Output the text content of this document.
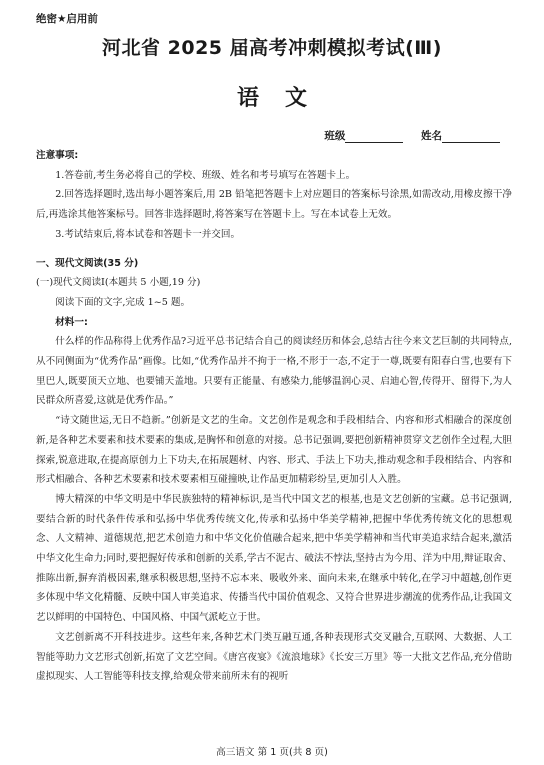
绝密★启用前
河北省 2025 届高考冲刺模拟考试(Ⅲ)
语文
班级	姓名
注意事项:

1.答卷前,考生务必将自己的学校、班级、姓名和考号填写在答题卡上。

2.回答选择题时,选出每小题答案后,用 2B 铅笔把答题卡上对应题目的答案标号涂黑,如需改动,用橡皮擦干净后,再选涂其他答案标号。回答非选择题时,将答案写在答题卡上。写在本试卷上无效。

3.考试结束后,将本试卷和答题卡一并交回。

一、现代文阅读(35 分)
(一)现代文阅读Ⅰ(本题共 5 小题,19 分)

阅读下面的文字,完成 1~5 题。

材料一:

什么样的作品称得上优秀作品?习近平总书记结合自己的阅读经历和体会,总结古往今来文艺巨制的共同特点,从不同侧面为“优秀作品”画像。比如,“优秀作品并不拘于一格,不形于一态,不定于一尊,既要有阳春白雪,也要有下里巴人,既要顶天立地、也要铺天盖地。只要有正能量、有感染力,能够温润心灵、启迪心智,传得开、留得下,为人民群众所喜爱,这就是优秀作品。”

“诗文随世运,无日不趋新。”创新是文艺的生命。文艺创作是观念和手段相结合、内容和形式相融合的深度创新,是各种艺术要素和技术要素的集成,是胸怀和创意的对接。总书记强调,要把创新精神贯穿文艺创作全过程,大胆探索,锐意进取,在提高原创力上下功夫,在拓展题材、内容、形式、手法上下功夫,推动观念和手段相结合、内容和形式相融合、各种艺术要素和技术要素相互碰撞映,让作品更加精彩纷呈,更加引人入胜。

博大精深的中华文明是中华民族独特的精神标识,是当代中国文艺的根基,也是文艺创新的宝藏。总书记强调,要结合新的时代条件传承和弘扬中华优秀传统文化,传承和弘扬中华美学精神,把握中华优秀传统文化的思想观念、人文精神、道德规范,把艺术创造力和中华文化价值融合起来,把中华美学精神和当代审美追求结合起来,激活中华文化生命力;同时,要把握好传承和创新的关系,学古不泥古、破法不悖法,坚持古为今用、洋为中用,辩证取舍、推陈出新,摒弃消极因素,继承积极思想,坚持不忘本来、吸收外来、面向未来,在继承中转化,在学习中超越,创作更多体现中华文化精髓、反映中国人审美追求、传播当代中国价值观念、又符合世界进步潮流的优秀作品,让我国文艺以鲜明的中国特色、中国风格、中国气派屹立于世。

文艺创新离不开科技进步。这些年来,各种艺术门类互融互通,各种表现形式交叉融合,互联网、大数据、人工智能等助力文艺形式创新,拓宽了文艺空间。《唐宫夜宴》《流浪地球》《长安三万里》等一大批文艺作品,充分借助虚拟现实、人工智能等科技支撑,给观众带来前所未有的视听

高三语文 第 1 页(共 8 页)
